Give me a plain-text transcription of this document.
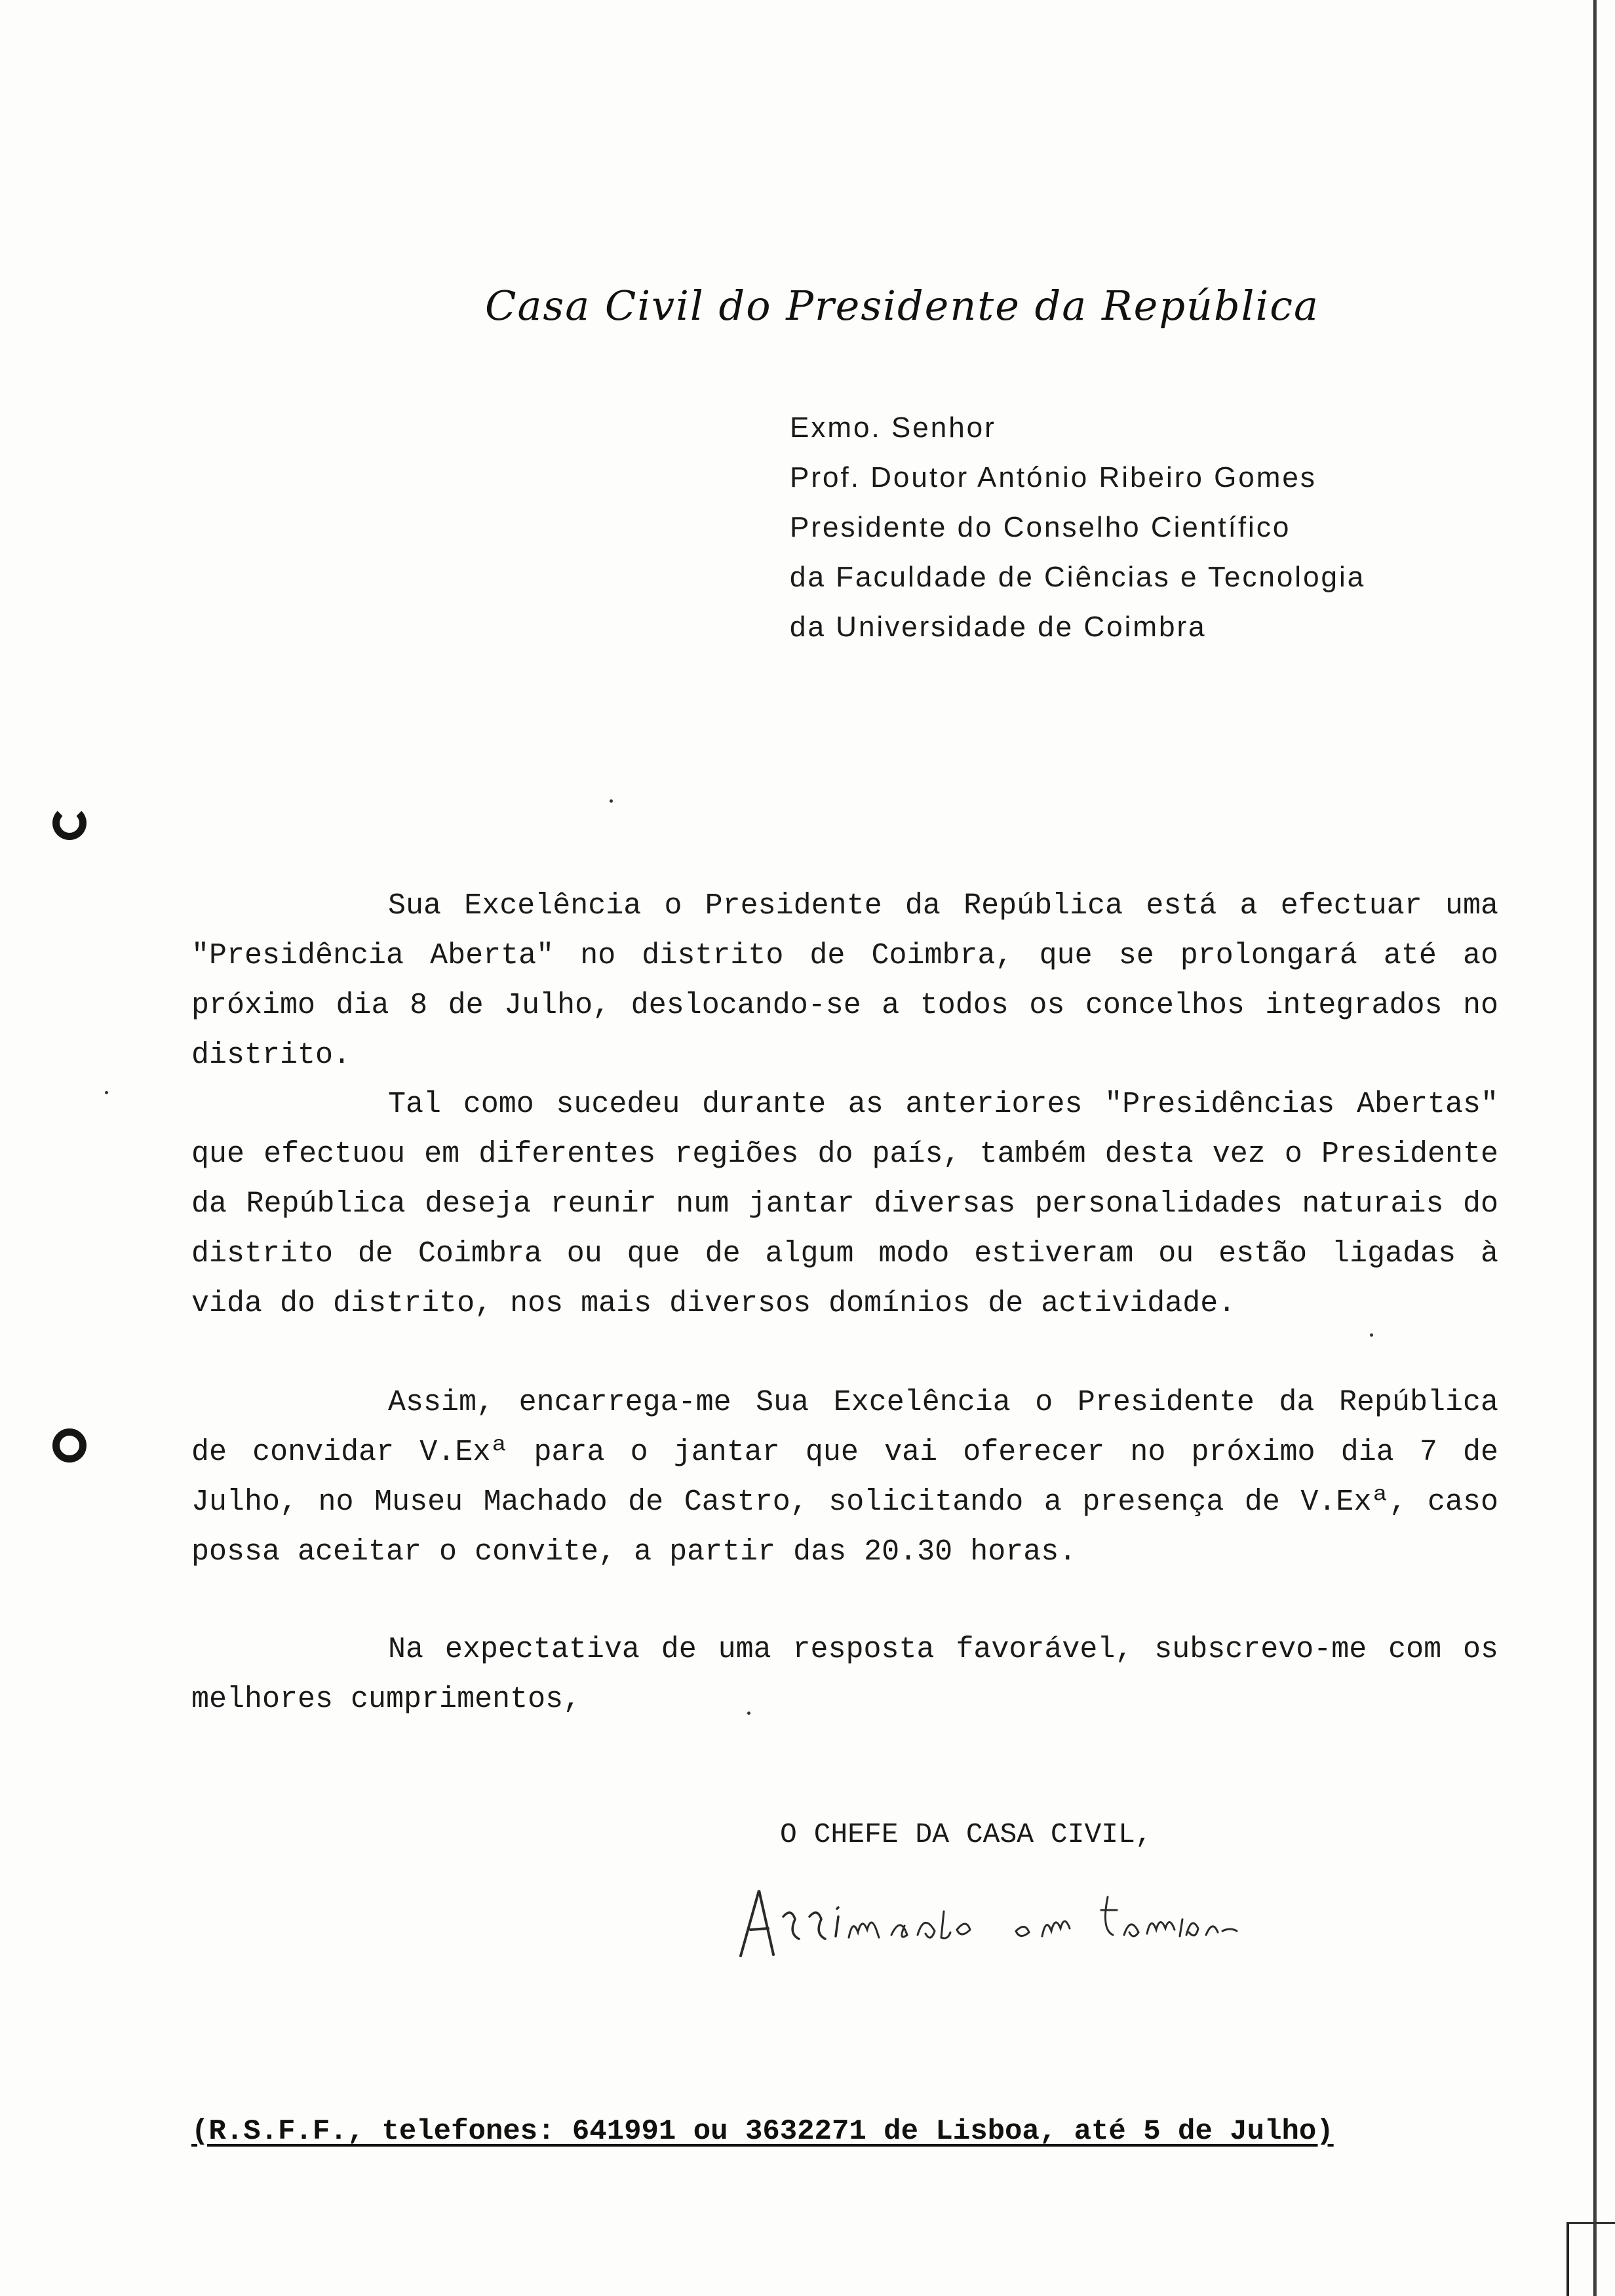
Casa Civil do Presidente da República
Exmo. Senhor
Prof. Doutor António Ribeiro Gomes
Presidente do Conselho Científico
da Faculdade de Ciências e Tecnologia
da Universidade de Coimbra

Sua Excelência o Presidente da República está a efectuar uma "Presidência Aberta" no distrito de Coimbra, que se prolongará até ao próximo dia 8 de Julho, deslocando-se a todos os concelhos integrados no distrito.

Tal como sucedeu durante as anteriores "Presidências Abertas" que efectuou em diferentes regiões do país, também desta vez o Presidente da República deseja reunir num jantar diversas personalidades naturais do distrito de Coimbra ou que de algum modo estiveram ou estão ligadas à vida do distrito, nos mais diversos domínios de actividade.

Assim, encarrega-me Sua Excelência o Presidente da República de convidar V.Exª para o jantar que vai oferecer no próximo dia 7 de Julho, no Museu Machado de Castro, solicitando a presença de V.Exª, caso possa aceitar o convite, a partir das 20.30 horas.

Na expectativa de uma resposta favorável, subscrevo-me com os melhores cumprimentos,

O CHEFE DA CASA CIVIL,
Assinado em Coimbra
(R.S.F.F., telefones: 641991 ou 3632271 de Lisboa, até 5 de Julho)
